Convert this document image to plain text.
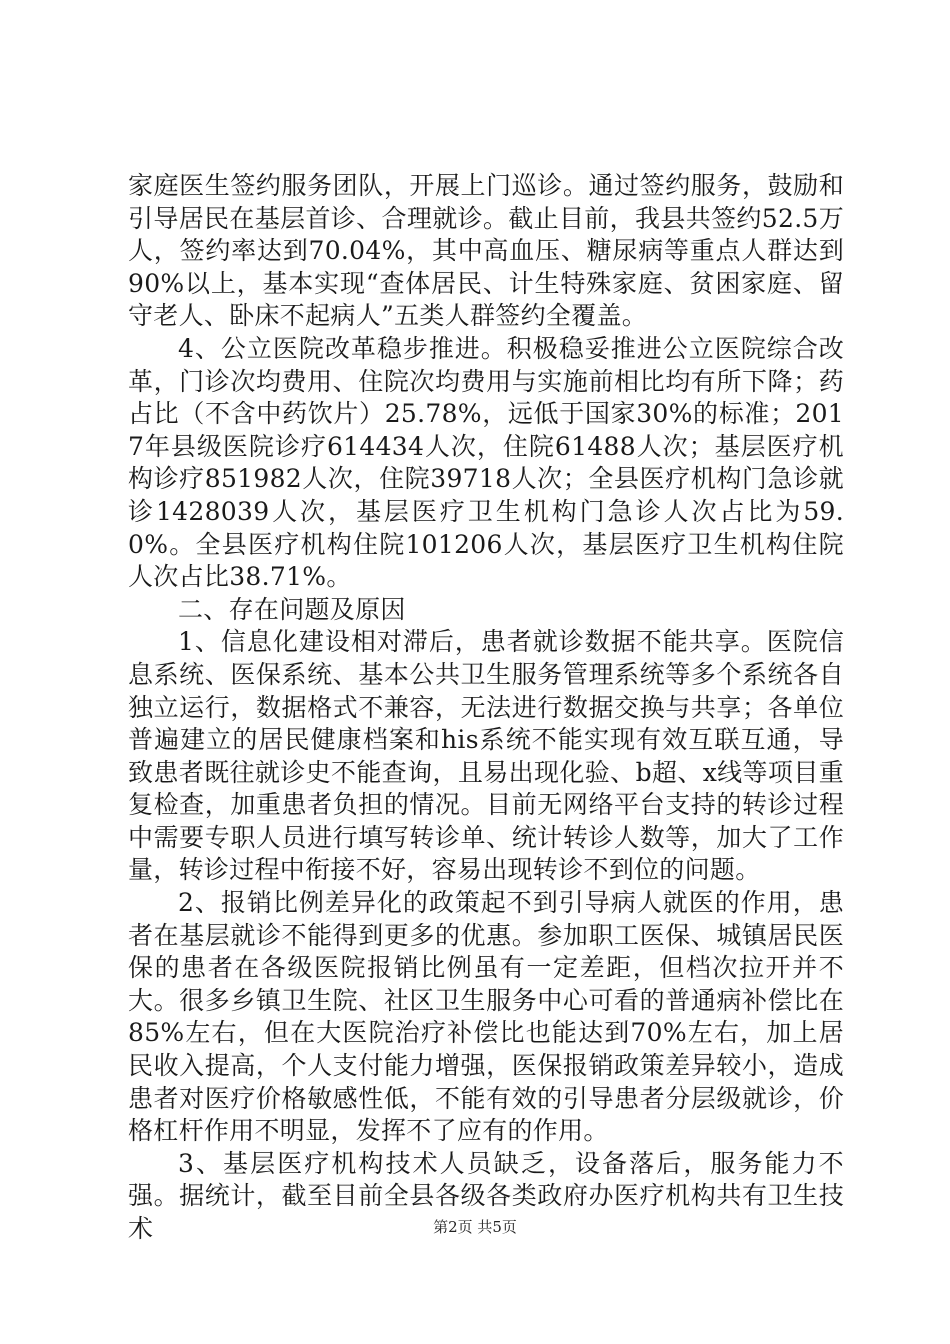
家庭医生签约服务团队，开展上门巡诊。通过签约服务，鼓励和引导居民在基层首诊、合理就诊。截止目前，我县共签约52.5万人，签约率达到70.04%，其中高血压、糖尿病等重点人群达到90%以上，基本实现“查体居民、计生特殊家庭、贫困家庭、留守老人、卧床不起病人”五类人群签约全覆盖。

4、公立医院改革稳步推进。积极稳妥推进公立医院综合改革，门诊次均费用、住院次均费用与实施前相比均有所下降；药占比（不含中药饮片）25.78%，远低于国家30%的标准；2017年县级医院诊疗614434人次，住院61488人次；基层医疗机构诊疗851982人次，住院39718人次；全县医疗机构门急诊就诊1428039人次，基层医疗卫生机构门急诊人次占比为59.0%。全县医疗机构住院101206人次，基层医疗卫生机构住院人次占比38.71%。

二、存在问题及原因

1、信息化建设相对滞后，患者就诊数据不能共享。医院信息系统、医保系统、基本公共卫生服务管理系统等多个系统各自独立运行，数据格式不兼容，无法进行数据交换与共享；各单位普遍建立的居民健康档案和his系统不能实现有效互联互通，导致患者既往就诊史不能查询，且易出现化验、b超、x线等项目重复检查，加重患者负担的情况。目前无网络平台支持的转诊过程中需要专职人员进行填写转诊单、统计转诊人数等，加大了工作量，转诊过程中衔接不好，容易出现转诊不到位的问题。

2、报销比例差异化的政策起不到引导病人就医的作用，患者在基层就诊不能得到更多的优惠。参加职工医保、城镇居民医保的患者在各级医院报销比例虽有一定差距，但档次拉开并不大。很多乡镇卫生院、社区卫生服务中心可看的普通病补偿比在85%左右，但在大医院治疗补偿比也能达到70%左右，加上居民收入提高，个人支付能力增强，医保报销政策差异较小，造成患者对医疗价格敏感性低，不能有效的引导患者分层级就诊，价格杠杆作用不明显，发挥不了应有的作用。

3、基层医疗机构技术人员缺乏，设备落后，服务能力不强。据统计，截至目前全县各级各类政府办医疗机构共有卫生技术	第2页 共5页
